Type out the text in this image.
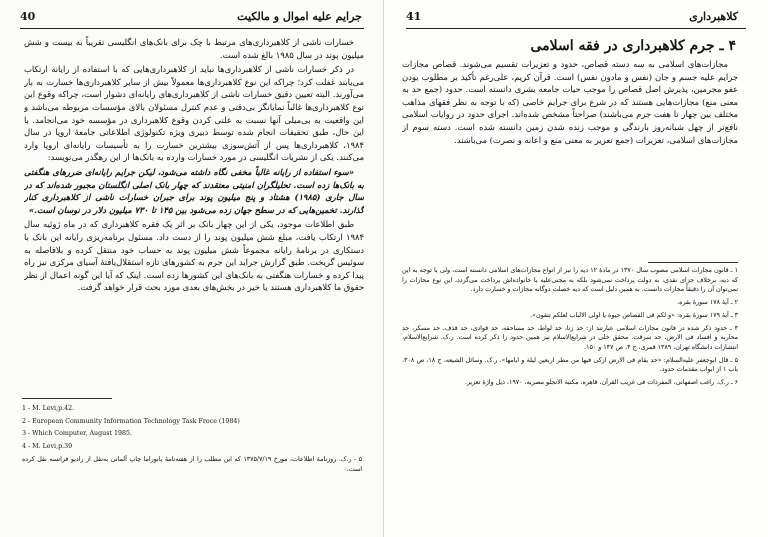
جرایم علیه اموال و مالکیت
40

خسارات ناشی از کلاهبرداری‌های مرتبط با چک برای بانک‌های انگلیسی تقریباً به بیست و شش میلیون پوند در سال ۱۹۸۵ بالغ شده است.

در ذکر خسارات ناشی از کلاهبرداری‌ها نباید از کلاهبرداری‌هایی که با استفاده از رایانه ارتکاب می‌یابند غفلت کرد؛ چراکه این نوع کلاهبرداری‌ها معمولاً بیش از سایر کلاهبرداری‌ها خسارت به بار می‌آورند. البته تعیین دقیق خسارات ناشی از کلاهبرداری‌های رایانه‌ای دشوار است، چراکه وقوع این نوع کلاهبرداری‌ها غالباً نمایانگر بی‌دقتی و عدم کنترل مسئولان بالای مؤسسات مربوطه می‌باشد و این واقعیت به بی‌میلی آنها نسبت به علنی کردن وقوع کلاهبرداری در مؤسسه خود می‌انجامد. با این حال، طبق تحقیقات انجام شده توسط دبیری ویژه تکنولوژی اطلاعاتی جامعهٔ اروپا در سال ۱۹۸۴، کلاهبرداری‌ها پس از آتش‌سوزی بیشترین خسارت را به تأسیسات رایانه‌ای اروپا وارد می‌کنند. یکی از نشریات انگلیسی در مورد خسارات وارده به بانک‌ها از این رهگذر می‌نویسد:

«سوء استفاده از رایانه غالباً مخفی نگاه داشته می‌شود، لیکن جرایم رایانه‌ای ضررهای هنگفتی به بانک‌ها زده است. تحلیلگران امنیتی معتقدند که چهار بانک اصلی انگلستان مجبور شده‌اند که در سال جاری (۱۹۸۵) هشتاد و پنج میلیون پوند برای جبران خسارات ناشی از کلاهبرداری کنار گذارند. تخمین‌هایی که در سطح جهان زده می‌شود بین ۱۴۵ تا ۷۳۰ میلیون دلار در نوسان است.»

طبق اطلاعات موجود، یکی از این چهار بانک بر اثر یک فقره کلاهبرداری که در ماه ژوئیه سال ۱۹۸۴ ارتکاب یافت، مبلغ شش میلیون پوند را از دست داد. مسئول برنامه‌ریزی رایانه این بانک با دستکاری در برنامهٔ رایانه مجموعاً شش میلیون پوند به حساب خود منتقل کرده و بلافاصله به سوئیس گریخت. طبق گزارش جراید این جرم به کشورهای تازه استقلال‌یافتهٔ آسیای مرکزی نیز راه پیدا کرده و خسارات هنگفتی به بانک‌های این کشورها زده است. اینک که آیا این گونه اعمال از نظر حقوق ما کلاهبرداری هستند یا خیر در بخش‌های بعدی مورد بحث قرار خواهد گرفت.

1 - M. Levi,p.42.
2 - European Community Information Technology Task Froce (1984)
3 - Which Computer, August 1985.
4 - M. Levi,p.39
۵ - ر.ک. روزنامهٔ اطلاعات، مورخ ۱۳۷۵/۷/۱۹ که این مطلب را از هفته‌نامهٔ پانوراما چاپ آلمانی به‌نقل از رادیو فرانسه نقل کرده است.
کلاهبرداری
41
۴ ـ جرم کلاهبرداری در فقه اسلامی

مجازات‌های اسلامی به سه دسته قصاص، حدود و تعزیرات تقسیم می‌شوند. قصاص مجازات جرایم علیه جسم و جان (نفس و مادون نفس) است. قرآن کریم، علی‌رغم تأکید بر مطلوب بودن عفو مجرمین، پذیرش اصل قصاص را موجب حیات جامعه بشری دانسته است. حدود (جمع حد به معنی منع) مجازات‌هایی هستند که در شرع برای جرایم خاصی (که با توجه به نظر فقهای مذاهب مختلف بین چهار تا هفت جرم می‌باشند) صراحتاً مشخص شده‌اند. اجرای حدود در روایات اسلامی نافع‌تر از چهل شبانه‌روز بارندگی و موجب زنده شدن زمین دانسته شده است. دسته سوم از مجازات‌های اسلامی، تعزیرات (جمع تعزیر به معنی منع و اعانه و نصرت) می‌باشند.

۱ ـ قانون مجازات اسلامی مصوب سال ۱۳۷۰ در مادهٔ ۱۲ دیه را نیز از انواع مجازات‌های اسلامی دانسته است، ولی با توجه به این که دیه، برخلاف جزای نقدی، به دولت پرداخت نمی‌شود بلکه به مجنی‌علیه یا خانواده‌اش پرداخت می‌گردد، این نوع مجازات را نمی‌توان آن را دقیقاً مجازات دانست. به همین دلیل است که دیه خصلت دوگانه مجازات و خسارت دارد.
۲ ـ آیهٔ ۱۷۸ سورهٔ بقره.
۳ ـ آیهٔ ۱۷۹ سورهٔ بقره: «و لکم فی القصاص حیوة یا اولی الالباب لعلکم تتقون».
۴ ـ حدود ذکر شده در قانون مجازات اسلامی عبارتند از: حد زنا، حد لواط، حد مساحقه، حد قوادی، حد قذف، حد مسکر، حد محاربه و افساد فی الارض، حد سرقت. محقق حلی در شرایع‌الاسلام نیز همین حدود را ذکر کرده است. ر.ک. شرایع‌الاسلام، انتشارات دانشگاه تهران، ۱۳۸۹ قمری، ج ۴، ص ۱۴۷ و ۱۵۰.
۵ ـ قال ابوجعفر علیه‌السلام: «حد یقام فی الارض ازکی فیها من مطر اربعین لیلة و ایامها». ر.ک. وسائل الشیعه، ج ۱۸، ص ۳۰۸، باب ۱ از ابواب مقدمات حدود.
۶ ـ ر.ک. راغب اصفهانی، المفردات فی غریب القرآن، قاهره، مکتبة الانجلو مصریه، ۱۹۷۰، ذیل واژهٔ تعزیر.
